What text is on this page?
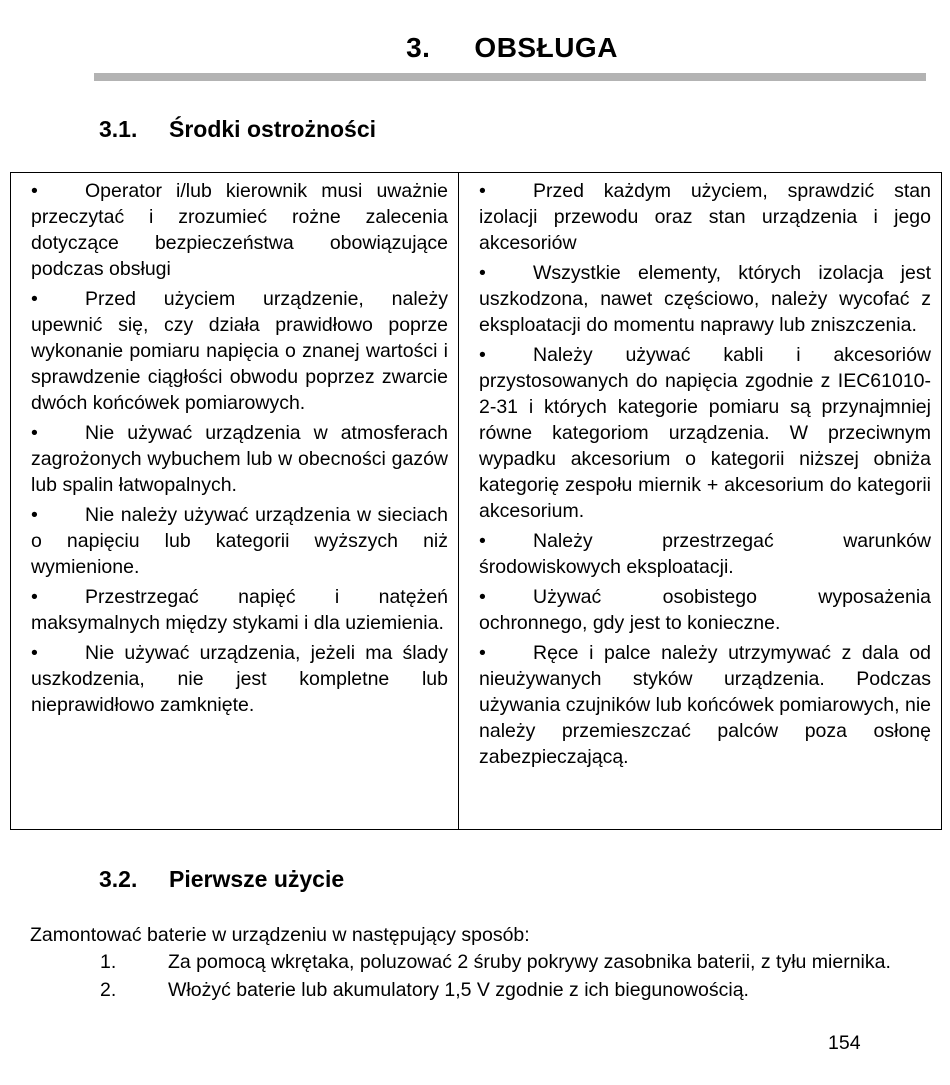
3. OBSŁUGA
3.1. Środki ostrożności

• Operator i/lub kierownik musi uważnie przeczytać i zrozumieć rożne zalecenia dotyczące bezpieczeństwa obowiązujące podczas obsługi

• Przed użyciem urządzenie, należy upewnić się, czy działa prawidłowo poprze wykonanie pomiaru napięcia o znanej wartości i sprawdzenie ciągłości obwodu poprzez zwarcie dwóch końcówek pomiarowych.

• Nie używać urządzenia w atmosferach zagrożonych wybuchem lub w obecności gazów lub spalin łatwopalnych.

• Nie należy używać urządzenia w sieciach o napięciu lub kategorii wyższych niż wymienione.

• Przestrzegać napięć i natężeń maksymalnych między stykami i dla uziemienia.

• Nie używać urządzenia, jeżeli ma ślady uszkodzenia, nie jest kompletne lub nieprawidłowo zamknięte.

• Przed każdym użyciem, sprawdzić stan izolacji przewodu oraz stan urządzenia i jego akcesoriów

• Wszystkie elementy, których izolacja jest uszkodzona, nawet częściowo, należy wycofać z eksploatacji do momentu naprawy lub zniszczenia.

• Należy używać kabli i akcesoriów przystosowanych do napięcia zgodnie z IEC61010-2-31 i których kategorie pomiaru są przynajmniej równe kategoriom urządzenia. W przeciwnym wypadku akcesorium o kategorii niższej obniża kategorię zespołu miernik + akcesorium do kategorii akcesorium.

• Należy przestrzegać warunków środowiskowych eksploatacji.

• Używać osobistego wyposażenia ochronnego, gdy jest to konieczne.

• Ręce i palce należy utrzymywać z dala od nieużywanych styków urządzenia. Podczas używania czujników lub końcówek pomiarowych, nie należy przemieszczać palców poza osłonę zabezpieczającą.

3.2. Pierwsze użycie
Zamontować baterie w urządzeniu w następujący sposób:
1.	Za pomocą wkrętaka, poluzować 2 śruby pokrywy zasobnika baterii, z tyłu miernika.
2.	Włożyć baterie lub akumulatory 1,5 V zgodnie z ich biegunowością.
154
